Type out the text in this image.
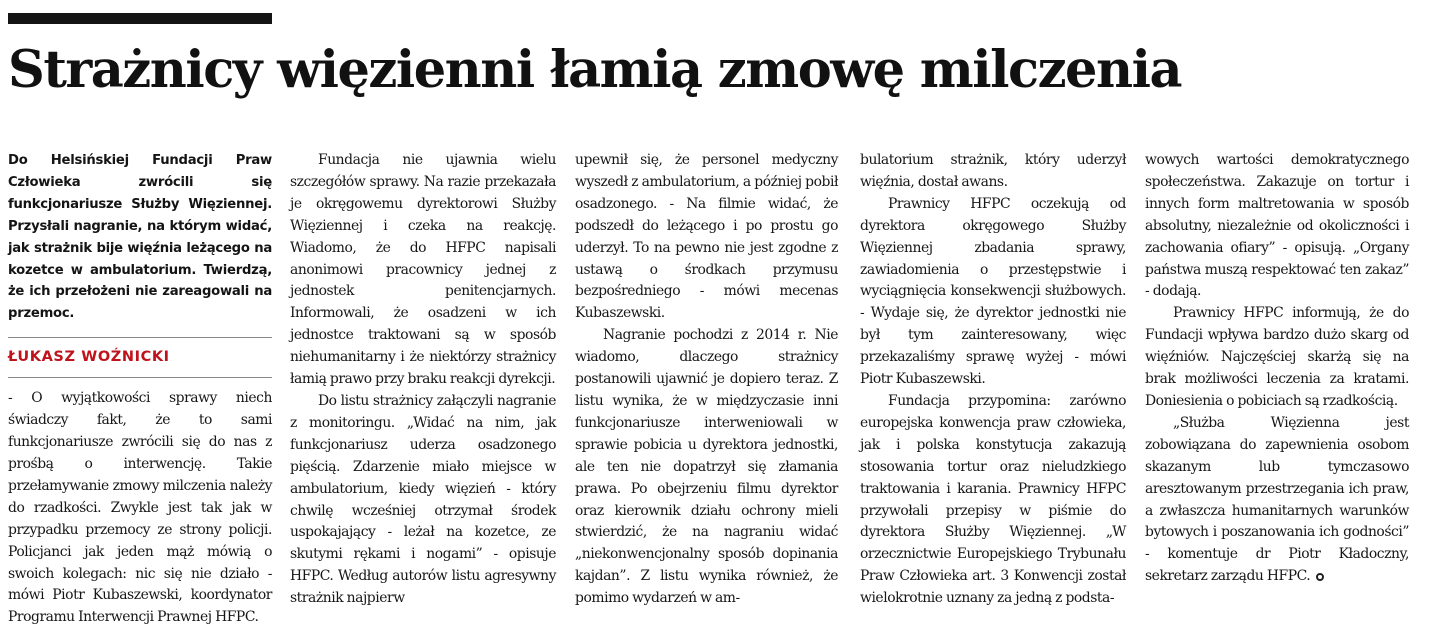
Strażnicy więzienni łamią zmowę milczenia
Do Helsińskiej Fundacji Praw Człowieka zwrócili się funkcjonariusze Służby Więziennej. Przysłali nagranie, na którym widać, jak strażnik bije więźnia leżącego na kozetce w ambulatorium. Twierdzą, że ich przełożeni nie zareagowali na przemoc.
ŁUKASZ WOŹNICKI

- O wyjątkowości sprawy niech świadczy fakt, że to sami funkcjonariusze zwrócili się do nas z prośbą o interwencję. Takie przełamywanie zmowy milczenia należy do rzadkości. Zwykle jest tak jak w przypadku przemocy ze strony policji. Policjanci jak jeden mąż mówią o swoich kolegach: nic się nie działo - mówi Piotr Kubaszewski, koordynator Programu Interwencji Prawnej HFPC.

Fundacja nie ujawnia wielu szczegółów sprawy. Na razie przekazała je okręgowemu dyrektorowi Służby Więziennej i czeka na reakcję. Wiadomo, że do HFPC napisali anonimowi pracownicy jednej z jednostek penitencjarnych. Informowali, że osadzeni w ich jednostce traktowani są w sposób niehumanitarny i że niektórzy strażnicy łamią prawo przy braku reakcji dyrekcji.

Do listu strażnicy załączyli nagranie z monitoringu. „Widać na nim, jak funkcjonariusz uderza osadzonego pięścią. Zdarzenie miało miejsce w ambulatorium, kiedy więzień - który chwilę wcześniej otrzymał środek uspokajający - leżał na kozetce, ze skutymi rękami i nogami” - opisuje HFPC. Według autorów listu agresywny strażnik najpierw

upewnił się, że personel medyczny wyszedł z ambulatorium, a później pobił osadzonego. - Na filmie widać, że podszedł do leżącego i po prostu go uderzył. To na pewno nie jest zgodne z ustawą o środkach przymusu bezpośredniego - mówi mecenas Kubaszewski.

Nagranie pochodzi z 2014 r. Nie wiadomo, dlaczego strażnicy postanowili ujawnić je dopiero teraz. Z listu wynika, że w międzyczasie inni funkcjonariusze interweniowali w sprawie pobicia u dyrektora jednostki, ale ten nie dopatrzył się złamania prawa. Po obejrzeniu filmu dyrektor oraz kierownik działu ochrony mieli stwierdzić, że na nagraniu widać „niekonwencjonalny sposób dopinania kajdan”. Z listu wynika również, że pomimo wydarzeń w am-

bulatorium strażnik, który uderzył więźnia, dostał awans.

Prawnicy HFPC oczekują od dyrektora okręgowego Służby Więziennej zbadania sprawy, zawiadomienia o przestępstwie i wyciągnięcia konsekwencji służbowych. - Wydaje się, że dyrektor jednostki nie był tym zainteresowany, więc przekazaliśmy sprawę wyżej - mówi Piotr Kubaszewski.

Fundacja przypomina: zarówno europejska konwencja praw człowieka, jak i polska konstytucja zakazują stosowania tortur oraz nieludzkiego traktowania i karania. Prawnicy HFPC przywołali przepisy w piśmie do dyrektora Służby Więziennej. „W orzecznictwie Europejskiego Trybunału Praw Człowieka art. 3 Konwencji został wielokrotnie uznany za jedną z podsta-

wowych wartości demokratycznego społeczeństwa. Zakazuje on tortur i innych form maltretowania w sposób absolutny, niezależnie od okoliczności i zachowania ofiary” - opisują. „Organy państwa muszą respektować ten zakaz” - dodają.

Prawnicy HFPC informują, że do Fundacji wpływa bardzo dużo skarg od więźniów. Najczęściej skarżą się na brak możliwości leczenia za kratami. Doniesienia o pobiciach są rzadkością.

„Służba Więzienna jest zobowiązana do zapewnienia osobom skazanym lub tymczasowo aresztowanym przestrzegania ich praw, a zwłaszcza humanitarnych warunków bytowych i poszanowania ich godności” - komentuje dr Piotr Kładoczny, sekretarz zarządu HFPC.
